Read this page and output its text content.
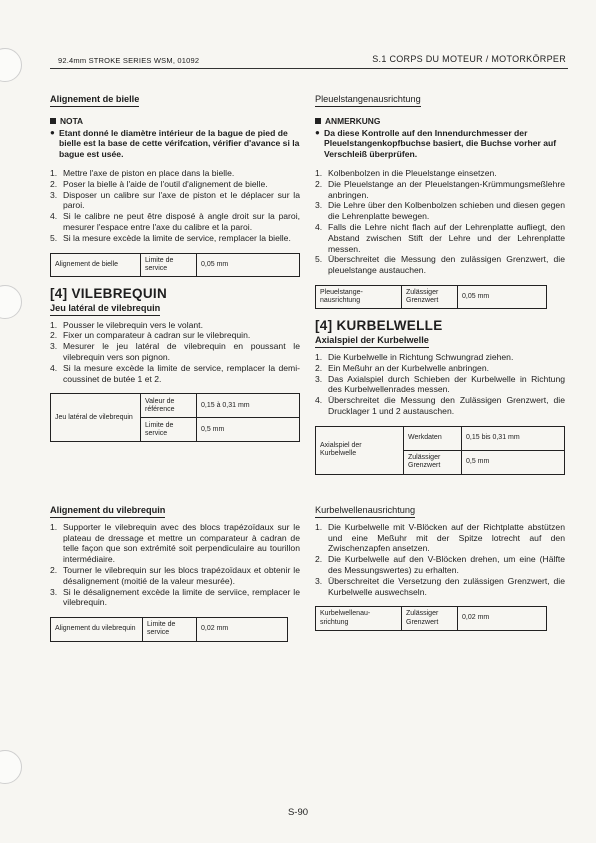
92.4mm STROKE SERIES WSM, 01092	S.1 CORPS DU MOTEUR / MOTORKÖRPER
Alignement de bielle
NOTA
● Etant donné le diamètre intérieur de la bague de pied de bielle est la base de cette vérifcation, vérifier d'avance si la bague est usée.
1. Mettre l'axe de piston en place dans la bielle.
2. Poser la bielle à l'aide de l'outil d'alignement de bielle.
3. Disposer un calibre sur l'axe de piston et le déplacer sur la paroi.
4. Si le calibre ne peut être disposé à angle droit sur la paroi, mesurer l'espace entre l'axe du calibre et la paroi.
5. Si la mesure excède la limite de service, remplacer la bielle.
Alignement de bielle
Limite de service
0,05 mm
[4] VILEBREQUIN
Jeu latéral de vilebrequin
1. Pousser le vilebrequin vers le volant.
2. Fixer un comparateur à cadran sur le vilebrequin.
3. Mesurer le jeu latéral de vilebrequin en poussant le vilebrequin vers son pignon.
4. Si la mesure excède la limite de service, remplacer la demi-coussinet de butée 1 et 2.
Jeu latéral de vilebrequin
Valeur de référence
0,15 à 0,31 mm
Limite de service
0,5 mm
Alignement du vilebrequin
1. Supporter le vilebrequin avec des blocs trapézoïdaux sur le plateau de dressage et mettre un comparateur à cadran de telle façon que son extrémité soit perpendiculaire au tourillon intermédiaire.
2. Tourner le vilebrequin sur les blocs trapézoïdaux et obtenir le désalignement (moitié de la valeur mesurée).
3. Si le désalignement excède la limite de serviice, remplacer le vilebrequin.
Alignement du vilebrequin
Limite de service
0,02 mm
Pleuelstangenausrichtung
ANMERKUNG
● Da diese Kontrolle auf den Innendurchmesser der Pleuelstangenkopfbuchse basiert, die Buchse vorher auf Verschleiß überprüfen.
1. Kolbenbolzen in die Pleuelstange einsetzen.
2. Die Pleuelstange an der Pleuelstangen-Krümmungsmeßlehre anbringen.
3. Die Lehre über den Kolbenbolzen schieben und diesen gegen die Lehrenplatte bewegen.
4. Falls die Lehre nicht flach auf der Lehrenplatte aufliegt, den Abstand zwischen Stift der Lehre und der Lehrenplatte messen.
5. Überschreitet die Messung den zulässigen Grenzwert, die pleuelstange austauchen.
Pleuelstange-nausrichtung
Zulässiger Grenzwert
0,05 mm
[4] KURBELWELLE
Axialspiel der Kurbelwelle
1. Die Kurbelwelle in Richtung Schwungrad ziehen.
2. Ein Meßuhr an der Kurbelwelle anbringen.
3. Das Axialspiel durch Schieben der Kurbelwelle in Richtung des Kurbelwellenrades messen.
4. Überschreitet die Messung den Zulässigen Grenzwert, die Drucklager 1 und 2 austauschen.
Axialspiel der Kurbelwelle
Werkdaten	0,15 bis 0,31 mm
Zulässiger Grenzwert
0,5 mm
Kurbelwellenausrichtung
1. Die Kurbelwelle mit V-Blöcken auf der Richtplatte abstützen und eine Meßuhr mit der Spitze lotrecht auf den Zwischenzapfen ansetzen.
2. Die Kurbelwelle auf den V-Blöcken drehen, um eine (Hälfte des Messungswertes) zu erhalten.
3. Überschreitet die Versetzung den zulässigen Grenzwert, die Kurbelwelle auswechseln.
Kurbelwellenau-srichtung
Zulässiger Grenzwert
0,02 mm
S-90
